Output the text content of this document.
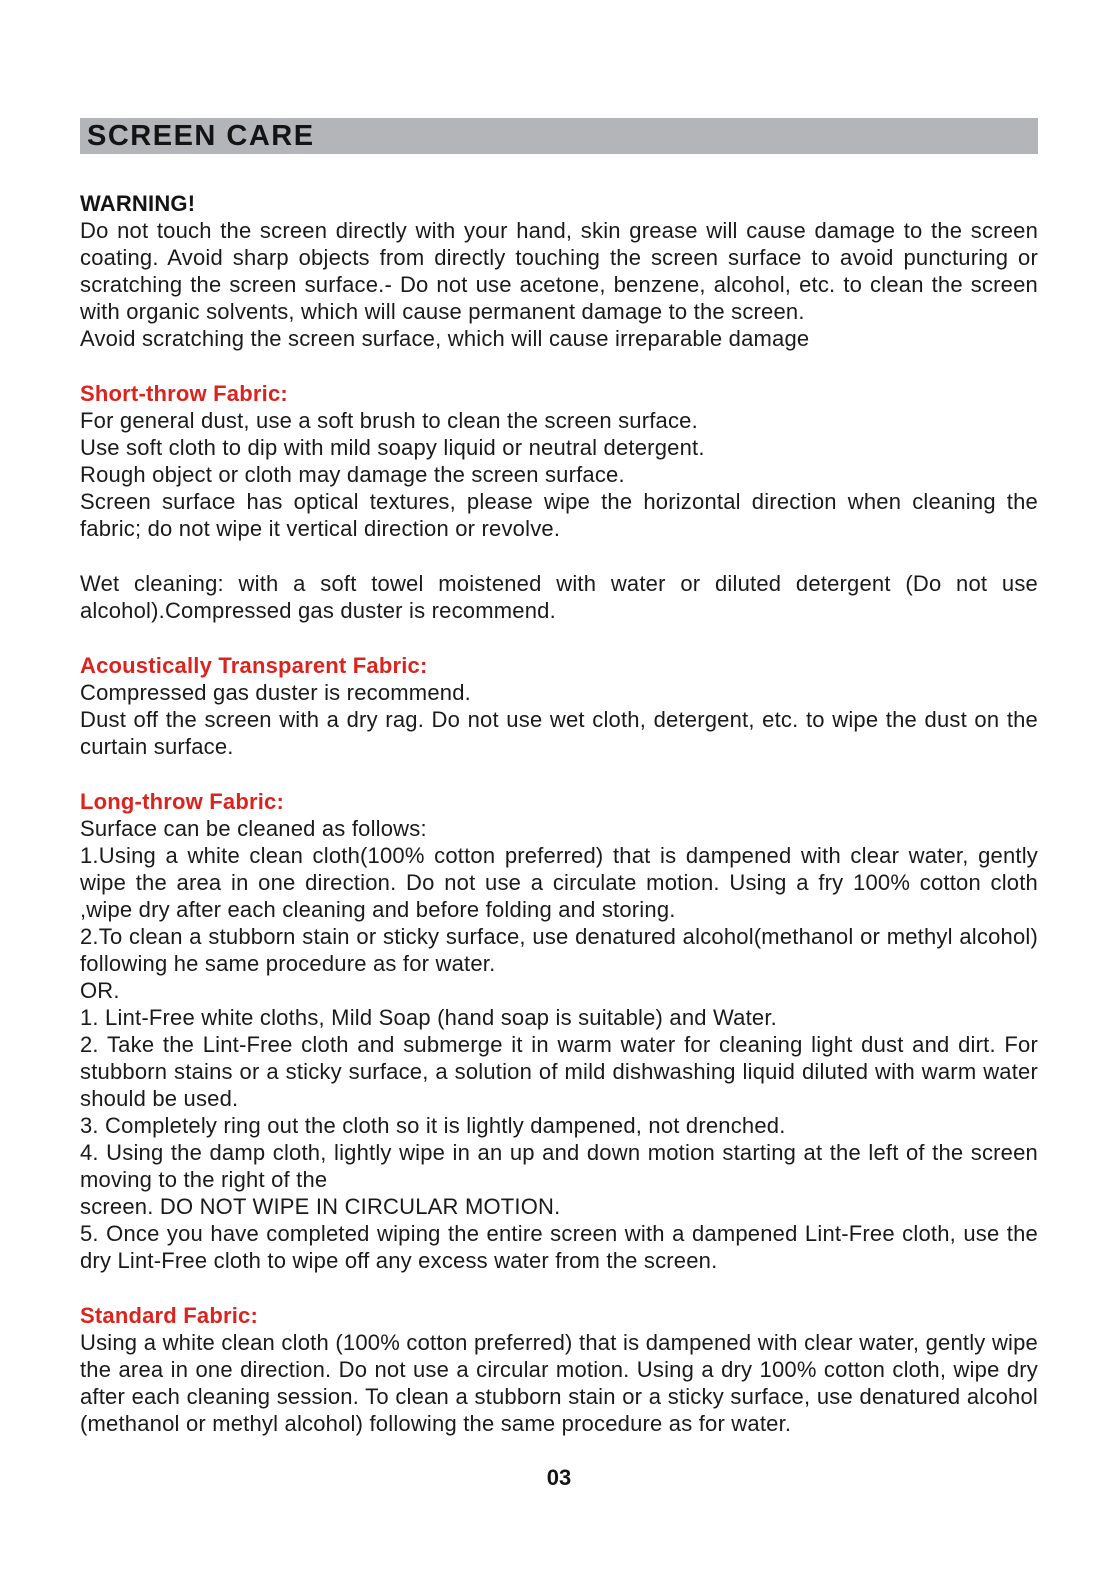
SCREEN CARE
WARNING!

Do not touch the screen directly with your hand, skin grease will cause damage to the screen coating. Avoid sharp objects from directly touching the screen surface to avoid puncturing or scratching the screen surface.- Do not use acetone, benzene, alcohol, etc. to clean the screen with organic solvents, which will cause permanent damage to the screen.

Avoid scratching the screen surface, which will cause irreparable damage

Short-throw Fabric:

For general dust, use a soft brush to clean the screen surface.

Use soft cloth to dip with mild soapy liquid or neutral detergent.

Rough object or cloth may damage the screen surface.

Screen surface has optical textures, please wipe the horizontal direction when cleaning the fabric; do not wipe it vertical direction or revolve.

Wet cleaning: with a soft towel moistened with water or diluted detergent (Do not use alcohol).Compressed gas duster is recommend.

Acoustically Transparent Fabric:

Compressed gas duster is recommend.

Dust off the screen with a dry rag. Do not use wet cloth, detergent, etc. to wipe the dust on the curtain surface.

Long-throw Fabric:

Surface can be cleaned as follows:

1.Using a white clean cloth(100% cotton preferred) that is dampened with clear water, gently wipe the area in one direction. Do not use a circulate motion. Using a fry 100% cotton cloth ,wipe dry after each cleaning and before folding and storing.

2.To clean a stubborn stain or sticky surface, use denatured alcohol(methanol or methyl alcohol) following he same procedure as for water.

OR.

1. Lint-Free white cloths, Mild Soap (hand soap is suitable) and Water.

2. Take the Lint-Free cloth and submerge it in warm water for cleaning light dust and dirt. For stubborn stains or a sticky surface, a solution of mild dishwashing liquid diluted with warm water should be used.

3. Completely ring out the cloth so it is lightly dampened, not drenched.

4. Using the damp cloth, lightly wipe in an up and down motion starting at the left of the screen moving to the right of the

screen. DO NOT WIPE IN CIRCULAR MOTION.

5. Once you have completed wiping the entire screen with a dampened Lint-Free cloth, use the dry Lint-Free cloth to wipe off any excess water from the screen.

Standard Fabric:

Using a white clean cloth (100% cotton preferred) that is dampened with clear water, gently wipe the area in one direction. Do not use a circular motion. Using a dry 100% cotton cloth, wipe dry after each cleaning session. To clean a stubborn stain or a sticky surface, use denatured alcohol (methanol or methyl alcohol) following the same procedure as for water.

03
